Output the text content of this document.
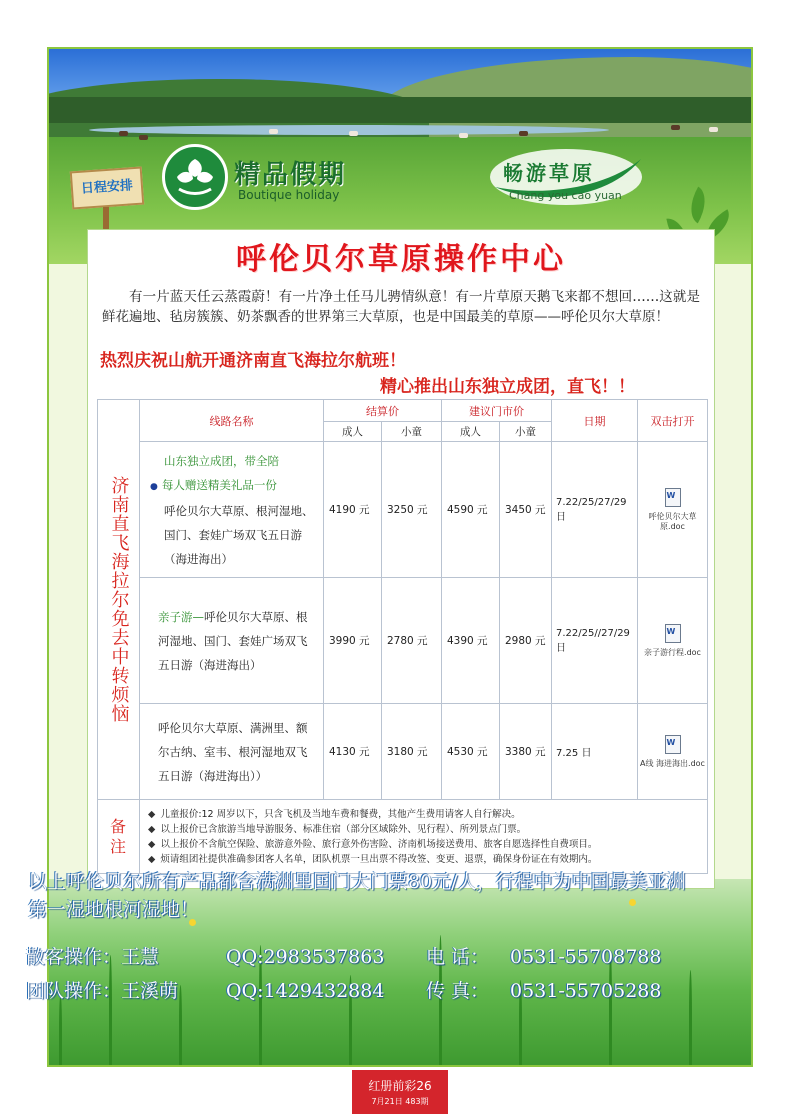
精品假期
Boutique holiday
畅游草原
Chang you cao yuan
日程安排
呼伦贝尔草原操作中心
有一片蓝天任云蒸霞蔚！有一片净土任马儿骋情纵意！有一片草原天鹅飞来都不想回……这就是鲜花遍地、毡房簇簇、奶茶飘香的世界第三大草原，也是中国最美的草原——呼伦贝尔大草原！
热烈庆祝山航开通济南直飞海拉尔航班！
精心推出山东独立成团，直飞！！
济南直飞海拉尔免去中转烦恼	线路名称	结算价		建议门市价		日期	双击打开
		成人	小童	成人	小童		

	山东独立成团，带全陪
● 每人赠送精美礼品一份
呼伦贝尔大草原、根河湿地、国门、套娃广场双飞五日游（海进海出）	4190 元	3250 元	4590 元	3450 元	7.22/25/27/29 日	W
呼伦贝尔大草原.doc

	亲子游—呼伦贝尔大草原、根河湿地、国门、套娃广场双飞五日游（海进海出）	3990 元	2780 元	4390 元	2980 元	7.22/25//27/29 日	W
亲子游行程.doc

	呼伦贝尔大草原、满洲里、额尔古纳、室韦、根河湿地双飞五日游（海进海出））	4130 元	3180 元	4530 元	3380 元	7.25 日	W
A线 海进海出.doc

备注	◆ 儿童报价:12 周岁以下，只含飞机及当地车费和餐费，其他产生费用请客人自行解决。
◆ 以上报价已含旅游当地导游服务、标准住宿（部分区域除外、见行程）、所列景点门票。
◆ 以上报价不含航空保险、旅游意外险、旅行意外伤害险、济南机场接送费用、旅客自愿选择性自费项目。
◆ 烦请组团社提供准确参团客人名单，团队机票一旦出票不得改签、变更、退票，确保身份证在有效期内。						
以上呼伦贝尔所有产品都含满洲里国门大门票80元/人，行程中为中国最美亚洲第一湿地根河湿地！
散客操作：王慧	QQ:2983537863 电 话： 0531-55708788
团队操作：王溪萌	QQ:1429432884 传 真： 0531-55705288
红册前彩26
7月21日 483期
